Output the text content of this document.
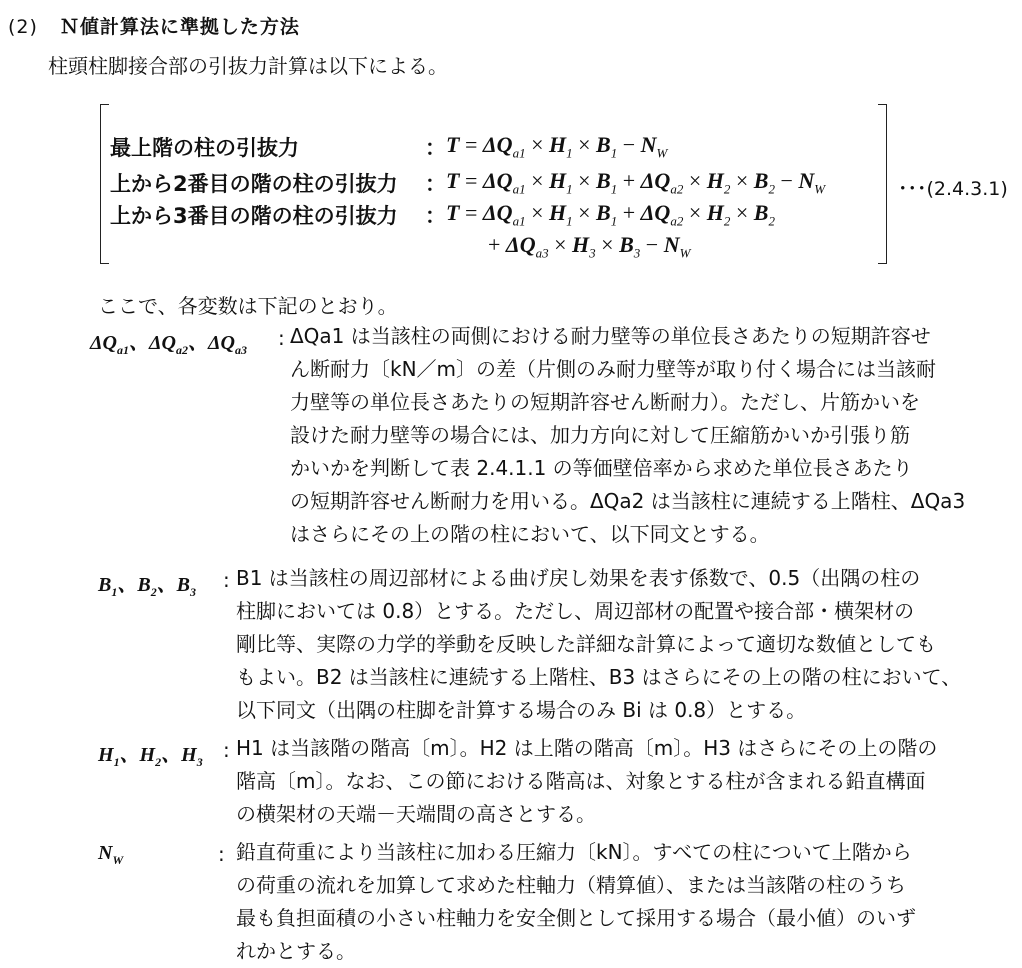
(2) Ｎ値計算法に準拠した方法
柱頭柱脚接合部の引抜力計算は以下による。
最上階の柱の引抜力	： $T = \Delta Q_{a1} \times H_1 \times B_1 - N_W$
上から2番目の階の柱の引抜力 ： $T = \Delta Q_{a1} \times H_1 \times B_1 + \Delta Q_{a2} \times H_2 \times B_2 - N_W$
上から3番目の階の柱の引抜力 ： $T = \Delta Q_{a1} \times H_1 \times B_1 + \Delta Q_{a2} \times H_2 \times B_2$
+ $\Delta Q_{a3} \times H_3 \times B_3 - N_W$
･･･(2.4.3.1)
ここで、各変数は下記のとおり。
$\Delta Q_{a1}$、$\Delta Q_{a2}$、$\Delta Q_{a3}$ : ΔQa1 は当該柱の両側における耐力壁等の単位長さあたりの短期許容せ
ん断耐力〔kN／m〕の差（片側のみ耐力壁等が取り付く場合には当該耐
力壁等の単位長さあたりの短期許容せん断耐力）。ただし、片筋かいを
設けた耐力壁等の場合には、加力方向に対して圧縮筋かいか引張り筋
かいかを判断して表 2.4.1.1 の等価壁倍率から求めた単位長さあたり
の短期許容せん断耐力を用いる。ΔQa2 は当該柱に連続する上階柱、ΔQa3
はさらにその上の階の柱において、以下同文とする。
$B_1$、$B_2$、$B_3$ : B1 は当該柱の周辺部材による曲げ戻し効果を表す係数で、0.5（出隅の柱の
柱脚においては 0.8）とする。ただし、周辺部材の配置や接合部・横架材の
剛比等、実際の力学的挙動を反映した詳細な計算によって適切な数値としても
もよい。B2 は当該柱に連続する上階柱、B3 はさらにその上の階の柱において、
以下同文（出隅の柱脚を計算する場合のみ Bi は 0.8）とする。
$H_1$、$H_2$、$H_3$ : H1 は当該階の階高〔m〕。H2 は上階の階高〔m〕。H3 はさらにその上の階の
階高〔m〕。なお、この節における階高は、対象とする柱が含まれる鉛直構面
の横架材の天端－天端間の高さとする。
$N_W$	: 鉛直荷重により当該柱に加わる圧縮力〔kN〕。すべての柱について上階から
の荷重の流れを加算して求めた柱軸力（精算値）、または当該階の柱のうち
最も負担面積の小さい柱軸力を安全側として採用する場合（最小値）のいず
れかとする。
